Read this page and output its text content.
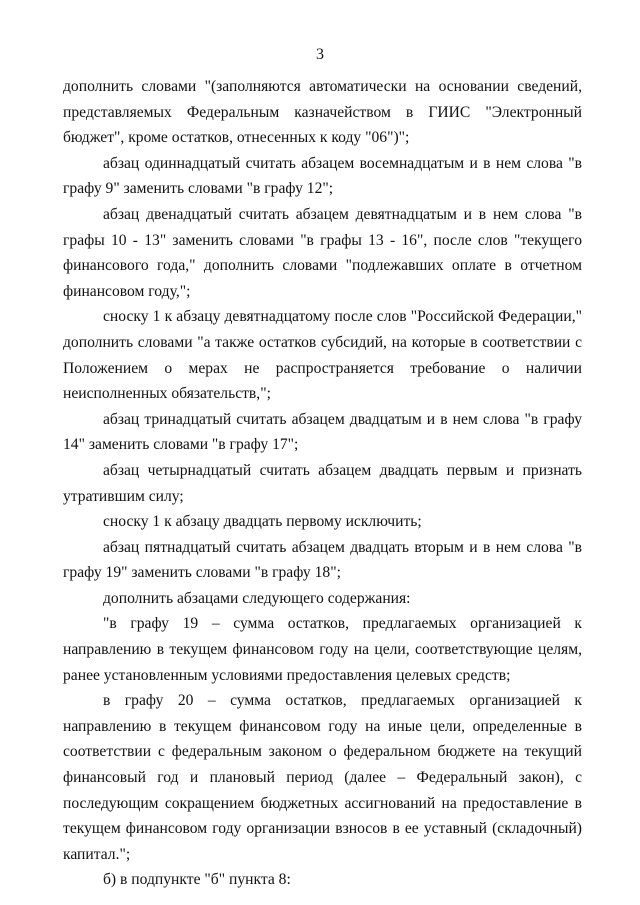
3

дополнить словами "(заполняются автоматически на основании сведений, представляемых Федеральным казначейством в ГИИС "Электронный бюджет", кроме остатков, отнесенных к коду "06")";

абзац одиннадцатый считать абзацем восемнадцатым и в нем слова "в графу 9" заменить словами "в графу 12";

абзац двенадцатый считать абзацем девятнадцатым и в нем слова "в графы 10 - 13" заменить словами "в графы 13 - 16", после слов "текущего финансового года," дополнить словами "подлежавших оплате в отчетном финансовом году,";

сноску 1 к абзацу девятнадцатому после слов "Российской Федерации," дополнить словами "а также остатков субсидий, на которые в соответствии с Положением о мерах не распространяется требование о наличии неисполненных обязательств,";

абзац тринадцатый считать абзацем двадцатым и в нем слова "в графу 14" заменить словами "в графу 17";

абзац четырнадцатый считать абзацем двадцать первым и признать утратившим силу;

сноску 1 к абзацу двадцать первому исключить;

абзац пятнадцатый считать абзацем двадцать вторым и в нем слова "в графу 19" заменить словами "в графу 18";

дополнить абзацами следующего содержания:

"в графу 19 – сумма остатков, предлагаемых организацией к направлению в текущем финансовом году на цели, соответствующие целям, ранее установленным условиями предоставления целевых средств;

в графу 20 – сумма остатков, предлагаемых организацией к направлению в текущем финансовом году на иные цели, определенные в соответствии с федеральным законом о федеральном бюджете на текущий финансовый год и плановый период (далее – Федеральный закон), с последующим сокращением бюджетных ассигнований на предоставление в текущем финансовом году организации взносов в ее уставный (складочный) капитал.";

б) в подпункте "б" пункта 8:
